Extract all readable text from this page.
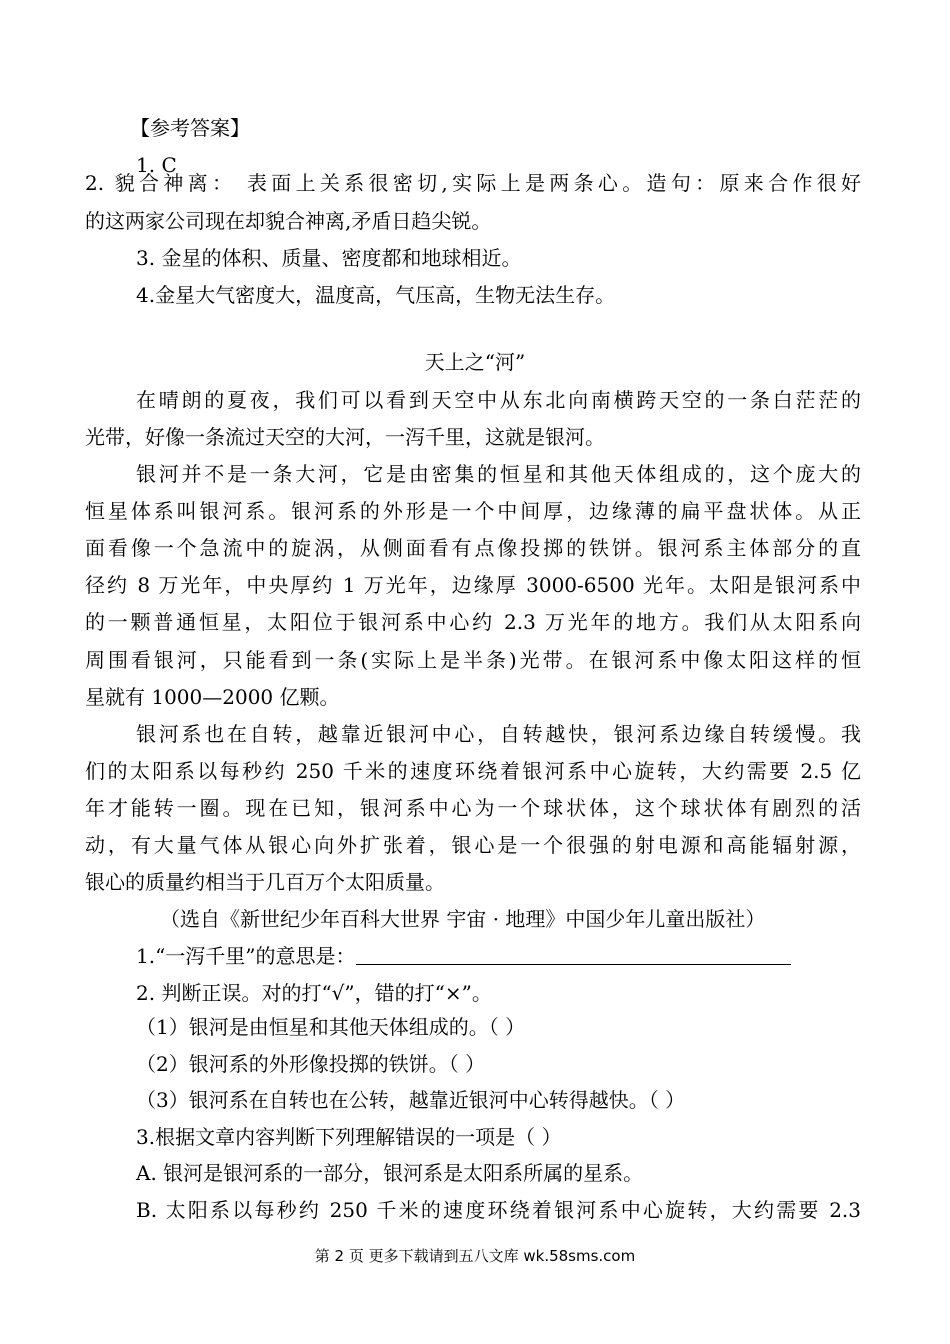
【参考答案】
1. C
2. 貌合神离： 表面上关系很密切,实际上是两条心。造句：原来合作很好
的这两家公司现在却貌合神离,矛盾日趋尖锐。
3. 金星的体积、质量、密度都和地球相近。
4.金星大气密度大，温度高，气压高，生物无法生存。
天上之“河”
在晴朗的夏夜，我们可以看到天空中从东北向南横跨天空的一条白茫茫的
光带，好像一条流过天空的大河，一泻千里，这就是银河。
银河并不是一条大河，它是由密集的恒星和其他天体组成的，这个庞大的
恒星体系叫银河系。银河系的外形是一个中间厚，边缘薄的扁平盘状体。从正
面看像一个急流中的旋涡，从侧面看有点像投掷的铁饼。银河系主体部分的直
径约 8 万光年，中央厚约 1 万光年，边缘厚 3000-6500 光年。太阳是银河系中
的一颗普通恒星，太阳位于银河系中心约 2.3 万光年的地方。我们从太阳系向
周围看银河，只能看到一条(实际上是半条)光带。在银河系中像太阳这样的恒
星就有 1000—2000 亿颗。
银河系也在自转，越靠近银河中心，自转越快，银河系边缘自转缓慢。我
们的太阳系以每秒约 250 千米的速度环绕着银河系中心旋转，大约需要 2.5 亿
年才能转一圈。现在已知，银河系中心为一个球状体，这个球状体有剧烈的活
动，有大量气体从银心向外扩张着，银心是一个很强的射电源和高能辐射源，
银心的质量约相当于几百万个太阳质量。
（选自《新世纪少年百科大世界 宇宙 · 地理》中国少年儿童出版社）
1.“一泻千里”的意思是：
2. 判断正误。对的打“√”，错的打“×”。
（1）银河是由恒星和其他天体组成的。（ ）
（2）银河系的外形像投掷的铁饼。（ ）
（3）银河系在自转也在公转，越靠近银河中心转得越快。（ ）
3.根据文章内容判断下列理解错误的一项是（ ）
A. 银河是银河系的一部分，银河系是太阳系所属的星系。
B. 太阳系以每秒约 250 千米的速度环绕着银河系中心旋转，大约需要 2.3
第 2 页 更多下载请到五八文库 wk.58sms.com
